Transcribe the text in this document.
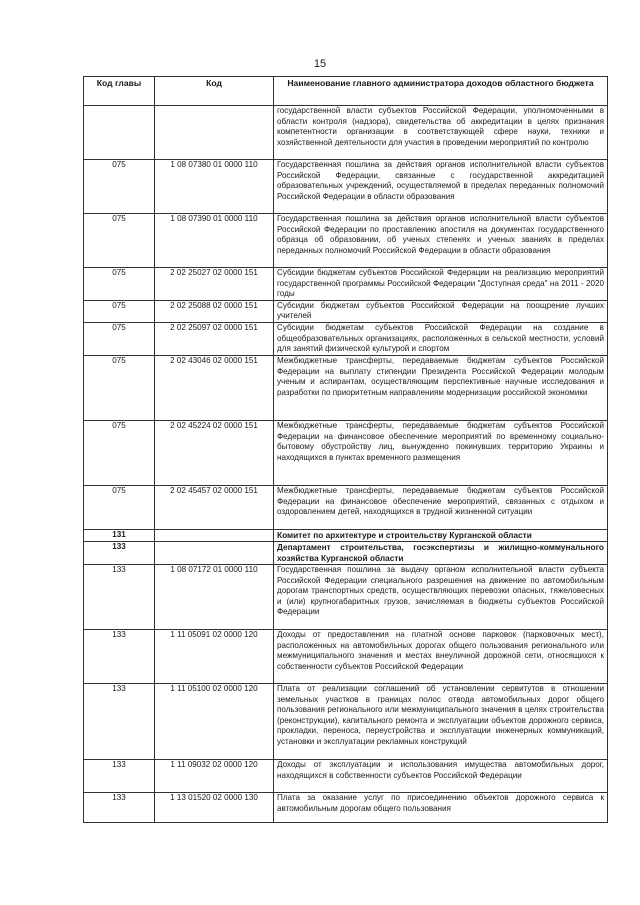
15
Код главы	Код	Наименование главного администратора доходов областного бюджета
		государственной власти субъектов Российской Федерации, уполномоченными в области контроля (надзора), свидетельства об аккредитации в целях признания компетентности организации в соответствующей сфере науки, техники и хозяйственной деятельности для участия в проведении мероприятий по контролю
075	1 08 07380 01 0000 110	Государственная пошлина за действия органов исполнительной власти субъектов Российской Федерации, связанные с государственной аккредитацией образовательных учреждений, осуществляемой в пределах переданных полномочий Российской Федерации в области образования
075	1 08 07390 01 0000 110	Государственная пошлина за действия органов исполнительной власти субъектов Российской Федерации по проставлению апостиля на документах государственного образца об образовании, об ученых степенях и ученых званиях в пределах переданных полномочий Российской Федерации в области образования
075	2 02 25027 02 0000 151	Субсидии бюджетам субъектов Российской Федерации на реализацию мероприятий государственной программы Российской Федерации "Доступная среда" на 2011 - 2020 годы
075	2 02 25088 02 0000 151	Субсидии бюджетам субъектов Российской Федерации на поощрение лучших учителей
075	2 02 25097 02 0000 151	Субсидии бюджетам субъектов Российской Федерации на создание в общеобразовательных организациях, расположенных в сельской местности, условий для занятий физической культурой и спортом
075	2 02 43046 02 0000 151	Межбюджетные трансферты, передаваемые бюджетам субъектов Российской Федерации на выплату стипендии Президента Российской Федерации молодым ученым и аспирантам, осуществляющим перспективные научные исследования и разработки по приоритетным направлениям модернизации российской экономики
075	2 02 45224 02 0000 151	Межбюджетные трансферты, передаваемые бюджетам субъектов Российской Федерации на финансовое обеспечение мероприятий по временному социально-бытовому обустройству лиц, вынужденно покинувших территорию Украины и находящихся в пунктах временного размещения
075	2 02 45457 02 0000 151	Межбюджетные трансферты, передаваемые бюджетам субъектов Российской Федерации на финансовое обеспечение мероприятий, связанных с отдыхом и оздоровлением детей, находящихся в трудной жизненной ситуации
131		Комитет по архитектуре и строительству Курганской области
133		Департамент строительства, госэкспертизы и жилищно-коммунального хозяйства Курганской области
133	1 08 07172 01 0000 110	Государственная пошлина за выдачу органом исполнительной власти субъекта Российской Федерации специального разрешения на движение по автомобильным дорогам транспортных средств, осуществляющих перевозки опасных, тяжеловесных и (или) крупногабаритных грузов, зачисляемая в бюджеты субъектов Российской Федерации
133	1 11 05091 02 0000 120	Доходы от предоставления на платной основе парковок (парковочных мест), расположенных на автомобильных дорогах общего пользования регионального или межмуниципального значения и местах внеуличной дорожной сети, относящихся к собственности субъектов Российской Федерации
133	1 11 05100 02 0000 120	Плата от реализации соглашений об установлении сервитутов в отношении земельных участков в границах полос отвода автомобильных дорог общего пользования регионального или межмуниципального значения в целях строительства (реконструкции), капитального ремонта и эксплуатации объектов дорожного сервиса, прокладки, переноса, переустройства и эксплуатации инженерных коммуникаций, установки и эксплуатации рекламных конструкций
133	1 11 09032 02 0000 120	Доходы от эксплуатации и использования имущества автомобильных дорог, находящихся в собственности субъектов Российской Федерации
133	1 13 01520 02 0000 130	Плата за оказание услуг по присоединению объектов дорожного сервиса к автомобильным дорогам общего пользования
